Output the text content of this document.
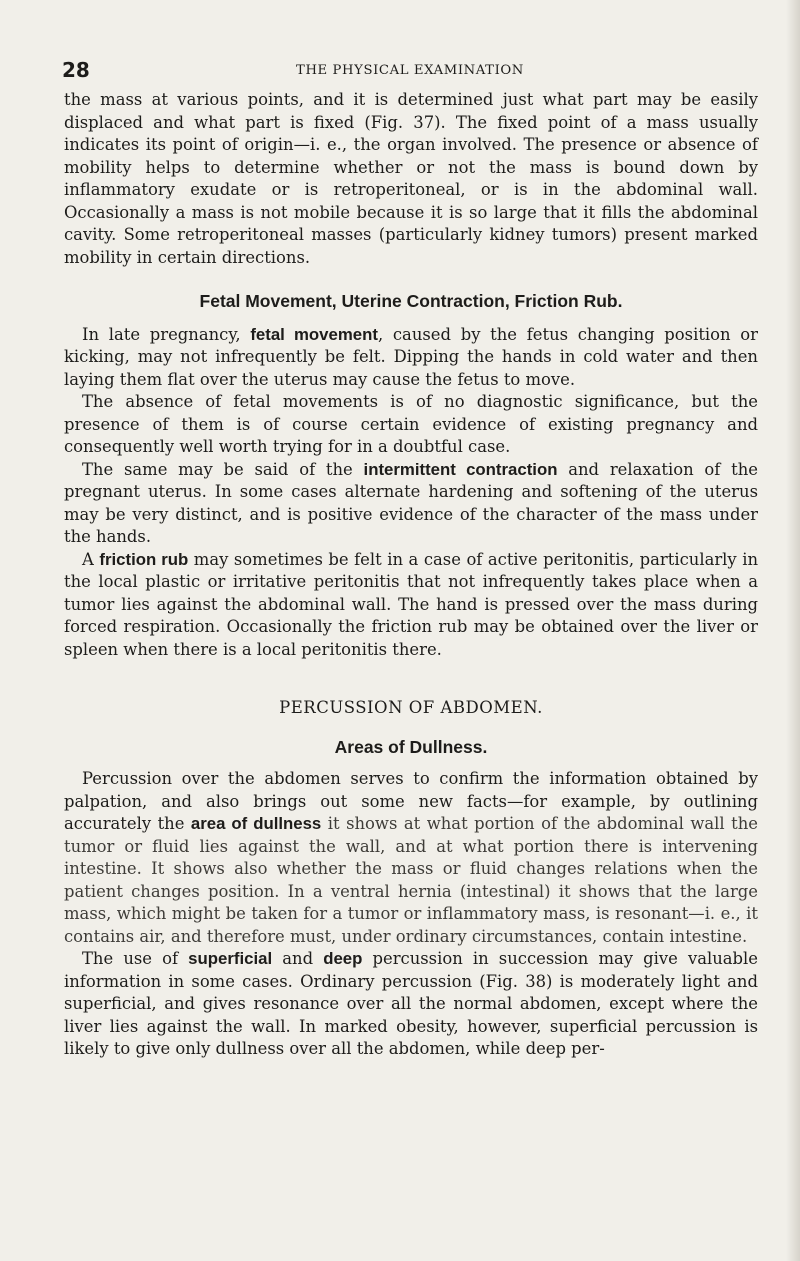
28	THE PHYSICAL EXAMINATION

the mass at various points, and it is determined just what part may be easily displaced and what part is fixed (Fig. 37). The fixed point of a mass usually indicates its point of origin—i. e., the organ involved. The presence or absence of mobility helps to determine whether or not the mass is bound down by inflammatory exudate or is retroperitoneal, or is in the abdominal wall. Occasionally a mass is not mobile because it is so large that it fills the abdominal cavity. Some retroperitoneal masses (particularly kidney tumors) present marked mobility in certain directions.

Fetal Movement, Uterine Contraction, Friction Rub.

In late pregnancy, fetal movement, caused by the fetus changing position or kicking, may not infrequently be felt. Dipping the hands in cold water and then laying them flat over the uterus may cause the fetus to move.

The absence of fetal movements is of no diagnostic significance, but the presence of them is of course certain evidence of existing pregnancy and consequently well worth trying for in a doubtful case.

The same may be said of the intermittent contraction and relaxation of the pregnant uterus. In some cases alternate hardening and softening of the uterus may be very distinct, and is positive evidence of the character of the mass under the hands.

A friction rub may sometimes be felt in a case of active peritonitis, particularly in the local plastic or irritative peritonitis that not infrequently takes place when a tumor lies against the abdominal wall. The hand is pressed over the mass during forced respiration. Occasionally the friction rub may be obtained over the liver or spleen when there is a local peritonitis there.

PERCUSSION OF ABDOMEN.
Areas of Dullness.

Percussion over the abdomen serves to confirm the information obtained by palpation, and also brings out some new facts—for example, by outlining accurately the area of dullness it shows at what portion of the abdominal wall the tumor or fluid lies against the wall, and at what portion there is intervening intestine. It shows also whether the mass or fluid changes relations when the patient changes position. In a ventral hernia (intestinal) it shows that the large mass, which might be taken for a tumor or inflammatory mass, is resonant—i. e., it contains air, and therefore must, under ordinary circumstances, contain intestine.

The use of superficial and deep percussion in succession may give valuable information in some cases. Ordinary percussion (Fig. 38) is moderately light and superficial, and gives resonance over all the normal abdomen, except where the liver lies against the wall. In marked obesity, however, superficial percussion is likely to give only dullness over all the abdomen, while deep per-
